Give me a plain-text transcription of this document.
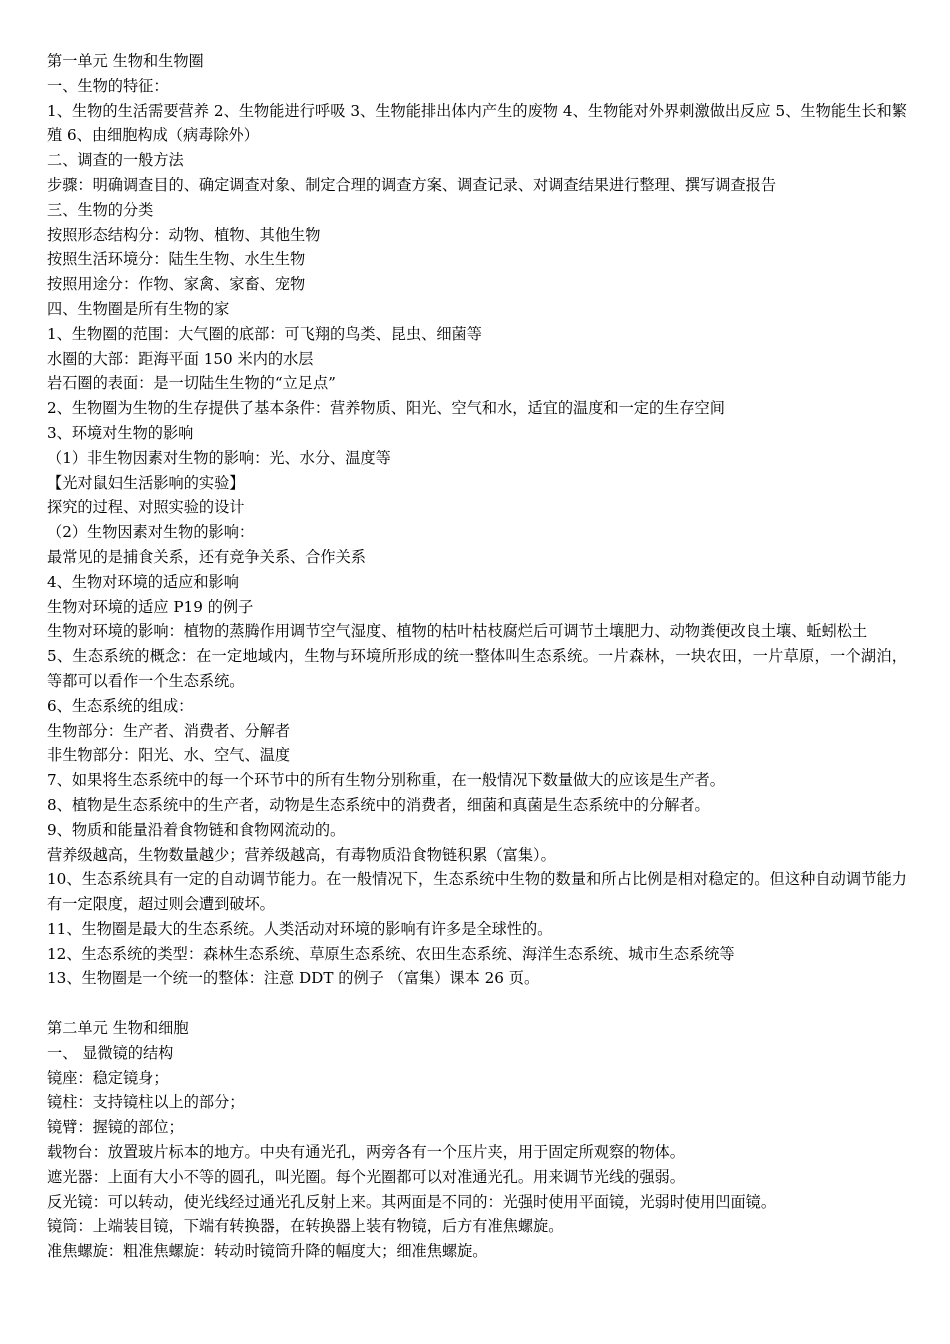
第一单元 生物和生物圈
一、生物的特征：
1、生物的生活需要营养 2、生物能进行呼吸 3、生物能排出体内产生的废物 4、生物能对外界刺激做出反应 5、生物能生长和繁殖 6、由细胞构成（病毒除外）
二、调查的一般方法
步骤：明确调查目的、确定调查对象、制定合理的调查方案、调查记录、对调查结果进行整理、撰写调查报告
三、生物的分类
按照形态结构分：动物、植物、其他生物
按照生活环境分：陆生生物、水生生物
按照用途分：作物、家禽、家畜、宠物
四、生物圈是所有生物的家
1、生物圈的范围：大气圈的底部：可飞翔的鸟类、昆虫、细菌等
水圈的大部：距海平面 150 米内的水层
岩石圈的表面：是一切陆生生物的“立足点”
2、生物圈为生物的生存提供了基本条件：营养物质、阳光、空气和水，适宜的温度和一定的生存空间
3、环境对生物的影响
（1）非生物因素对生物的影响：光、水分、温度等
【光对鼠妇生活影响的实验】
探究的过程、对照实验的设计
（2）生物因素对生物的影响：
最常见的是捕食关系，还有竞争关系、合作关系
4、生物对环境的适应和影响
生物对环境的适应 P19 的例子
生物对环境的影响：植物的蒸腾作用调节空气湿度、植物的枯叶枯枝腐烂后可调节土壤肥力、动物粪便改良土壤、蚯蚓松土
5、生态系统的概念：在一定地域内，生物与环境所形成的统一整体叫生态系统。一片森林，一块农田，一片草原，一个湖泊，等都可以看作一个生态系统。
6、生态系统的组成：
生物部分：生产者、消费者、分解者
非生物部分：阳光、水、空气、温度
7、如果将生态系统中的每一个环节中的所有生物分别称重，在一般情况下数量做大的应该是生产者。
8、植物是生态系统中的生产者，动物是生态系统中的消费者，细菌和真菌是生态系统中的分解者。
9、物质和能量沿着食物链和食物网流动的。
营养级越高，生物数量越少；营养级越高，有毒物质沿食物链积累（富集）。
10、生态系统具有一定的自动调节能力。在一般情况下，生态系统中生物的数量和所占比例是相对稳定的。但这种自动调节能力有一定限度，超过则会遭到破坏。
11、生物圈是最大的生态系统。人类活动对环境的影响有许多是全球性的。
12、生态系统的类型：森林生态系统、草原生态系统、农田生态系统、海洋生态系统、城市生态系统等
13、生物圈是一个统一的整体：注意 DDT 的例子 （富集）课本 26 页。
第二单元 生物和细胞
一、 显微镜的结构
镜座：稳定镜身；
镜柱：支持镜柱以上的部分；
镜臂：握镜的部位；
载物台：放置玻片标本的地方。中央有通光孔，两旁各有一个压片夹，用于固定所观察的物体。
遮光器：上面有大小不等的圆孔，叫光圈。每个光圈都可以对准通光孔。用来调节光线的强弱。
反光镜：可以转动，使光线经过通光孔反射上来。其两面是不同的：光强时使用平面镜，光弱时使用凹面镜。
镜筒：上端装目镜，下端有转换器，在转换器上装有物镜，后方有准焦螺旋。
准焦螺旋：粗准焦螺旋：转动时镜筒升降的幅度大；细准焦螺旋。
